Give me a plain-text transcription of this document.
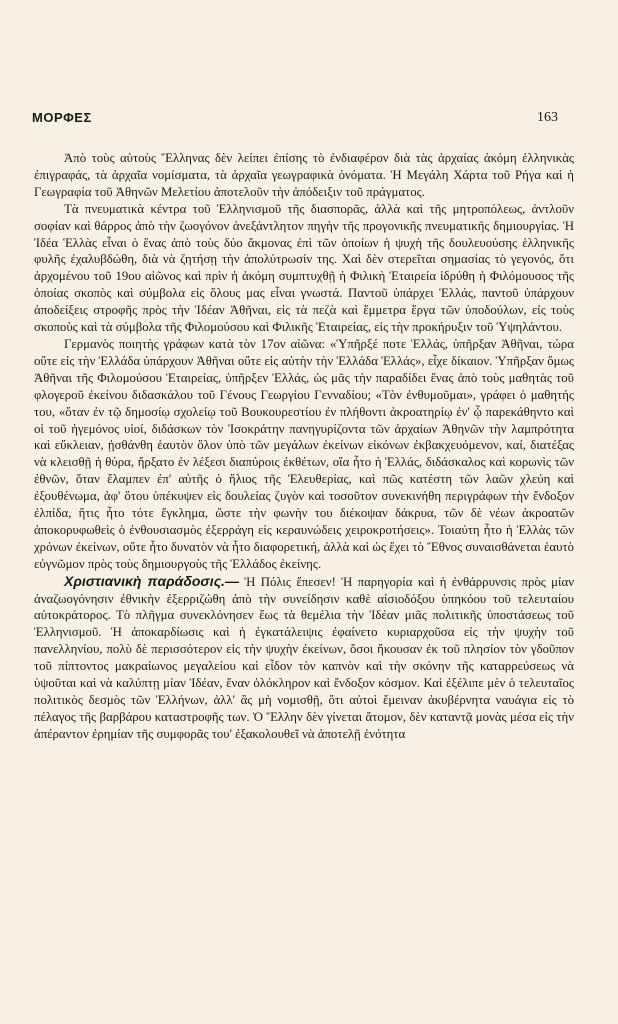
ΜΟΡΦΕΣ	163

Ἀπὸ τοὺς αὐτοὺς Ἕλληνας δὲν λείπει ἐπίσης τὸ ἐνδιαφέρον διὰ τὰς ἀρχαίας ἀκόμη ἑλληνικὰς ἐπιγραφάς, τὰ ἀρχαῖα νομίσματα, τὰ ἀρχαῖα γεωγραφικὰ ὀνόματα. Ἡ Μεγάλη Χάρτα τοῦ Ρήγα καὶ ἡ Γεωγραφία τοῦ Ἀθηνῶν Μελετίου ἀποτελοῦν τὴν ἀπόδειξιν τοῦ πράγματος.

Τὰ πνευματικὰ κέντρα τοῦ Ἑλληνισμοῦ τῆς διασπορᾶς, ἀλλὰ καὶ τῆς μητροπόλεως, ἀντλοῦν σοφίαν καὶ θάρρος ἀπὸ τὴν ζωογόνον ἀνεξάντλητον πηγὴν τῆς προγονικῆς πνευματικῆς δημιουργίας. Ἡ Ἰδέα Ἑλλὰς εἶναι ὁ ἕνας ἀπὸ τοὺς δύο ἄκμονας ἐπὶ τῶν ὁποίων ἡ ψυχὴ τῆς δουλευούσης ἑλληνικῆς φυλῆς ἐχαλυβδώθη, διὰ νὰ ζητήσῃ τὴν ἀπολύτρωσίν της. Χαὶ δὲν στερεῖται σημασίας τὸ γεγονός, ὅτι ἀρχομένου τοῦ 19ου αἰῶνος καὶ πρὶν ἡ ἀκόμη συμπτυχθῇ ἡ Φιλικὴ Ἑταιρεία ἱδρύθη ἡ Φιλόμουσος τῆς ὁποίας σκοπὸς καὶ σύμβολα εἰς ὅλους μας εἶναι γνωστά. Παντοῦ ὑπάρχει Ἑλλάς, παντοῦ ὑπάρχουν ἀποδείξεις στροφῆς πρὸς τὴν Ἰδέαν Ἀθῆναι, εἰς τὰ πεζὰ καὶ ἔμμετρα ἔργα τῶν ὑποδούλων, εἰς τοὺς σκοποὺς καὶ τὰ σύμβολα τῆς Φιλομούσου καὶ Φιλικῆς Ἑταιρείας, εἰς τὴν προκήρυξιν τοῦ Ὑψηλάντου.

Γερμανὸς ποιητὴς γράφων κατὰ τὸν 17ον αἰῶνα: «Ὑπῆρξέ ποτε Ἑλλάς, ὑπῆρξαν Ἀθῆναι, τώρα οὔτε εἰς τὴν Ἑλλάδα ὑπάρχουν Ἀθῆναι οὔτε εἰς αὐτὴν τὴν Ἑλλάδα Ἑλλάς», εἶχε δίκαιον. Ὑπῆρξαν ὅμως Ἀθῆναι τῆς Φιλομούσου Ἑταιρείας, ὑπῆρξεν Ἑλλάς, ὡς μᾶς τὴν παραδίδει ἕνας ἀπὸ τοὺς μαθητὰς τοῦ φλογεροῦ ἐκείνου διδασκάλου τοῦ Γένους Γεωργίου Γενναδίου; «Τὸν ἐνθυμοῦμαι», γράφει ὁ μαθητής του, «ὅταν ἐν τῷ δημοσίῳ σχολείῳ τοῦ Βουκουρεστίου ἐν πλήθοντι ἀκροατηρίῳ ἐν' ᾧ παρεκάθηντο καὶ οἱ τοῦ ἡγεμόνος υἱοί, διδάσκων τὸν Ἰσοκράτην πανηγυρίζοντα τῶν ἀρχαίων Ἀθηνῶν τὴν λαμπρότητα καὶ εὔκλειαν, ᾐσθάνθη ἑαυτὸν ὅλον ὑπὸ τῶν μεγάλων ἐκείνων εἰκόνων ἐκβακχευόμενον, καί, διατέξας νὰ κλεισθῇ ἡ θύρα, ἤρξατο ἐν λέξεσι διαπύροις ἐκθέτων, οἵα ἦτο ἡ Ἑλλάς, διδάσκαλος καὶ κορωνὶς τῶν ἐθνῶν, ὅταν ἔλαμπεν ἐπ' αὐτῆς ὁ ἥλιος τῆς Ἐλευθερίας, καὶ πῶς κατέστη τῶν λαῶν χλεύη καὶ ἐξουθένωμα, ἀφ' ὅτου ὑπέκυψεν εἰς δουλείας ζυγὸν καὶ τοσοῦτον συνεκινήθη περιγράφων τὴν ἔνδοξον ἐλπίδα, ἥτις ἦτο τότε ἔγκλημα, ὥστε τὴν φωνὴν του διέκοψαν δάκρυα, τῶν δὲ νέων ἀκροατῶν ἀποκορυφωθεὶς ὁ ἐνθουσιασμὸς ἐξερράγη εἰς κεραυνώδεις χειροκροτήσεις». Τοιαύτη ἦτο ἡ Ἑλλὰς τῶν χρόνων ἐκείνων, οὔτε ἦτο δυνατὸν νὰ ἦτο διαφορετική, ἀλλὰ καὶ ὡς ἔχει τὸ Ἔθνος συναισθάνεται ἑαυτὸ εὐγνῶμον πρὸς τοὺς δημιουργοὺς τῆς Ἑλλάδος ἐκείνης.

Χριστιανικὴ παράδοσις.— Ἡ Πόλις ἔπεσεν! Ἡ παρηγορία καὶ ἡ ἐνθάρρυνσις πρὸς μίαν ἀναζωογόνησιν ἐθνικὴν ἐξερριζώθη ἀπὸ τὴν συνείδησιν καθὲ αἰσιοδόξου ὑπηκόου τοῦ τελευταίου αὐτοκράτορος. Τὸ πλῆγμα συνεκλόνησεν ἕως τὰ θεμέλια τὴν Ἰδέαν μιᾶς πολιτικῆς ὑποστάσεως τοῦ Ἑλληνισμοῦ. Ἡ ἀποκαρδίωσις καὶ ἡ ἐγκατάλειψις ἐφαίνετο κυριαρχοῦσα εἰς τὴν ψυχὴν τοῦ πανελληνίου, πολὺ δὲ περισσότερον εἰς τὴν ψυχὴν ἐκείνων, ὅσοι ἤκουσαν ἐκ τοῦ πλησίον τὸν γδοῦπον τοῦ πίπτοντος μακραίωνος μεγαλείου καὶ εἶδον τὸν καπνὸν καὶ τὴν σκόνην τῆς καταρρεύσεως νὰ ὑψοῦται καὶ νὰ καλύπτῃ μίαν Ἰδέαν, ἕναν ὁλόκληρον καὶ ἔνδοξον κόσμον. Καὶ ἐξέλιπε μὲν ὁ τελευταῖος πολιτικὸς δεσμὸς τῶν Ἑλλήνων, ἀλλ' ἂς μὴ νομισθῇ, ὅτι αὐτοὶ ἔμειναν ἀκυβέρνητα ναυάγια εἰς τὸ πέλαγος τῆς βαρβάρου καταστροφῆς των. Ὁ Ἕλλην δὲν γίνεται ἄτομον, δὲν καταντᾷ μονὰς μέσα εἰς τὴν ἀπέραντον ἐρημίαν τῆς συμφορᾶς του' ἐξακολουθεῖ νὰ ἀποτελῇ ἑνότητα
